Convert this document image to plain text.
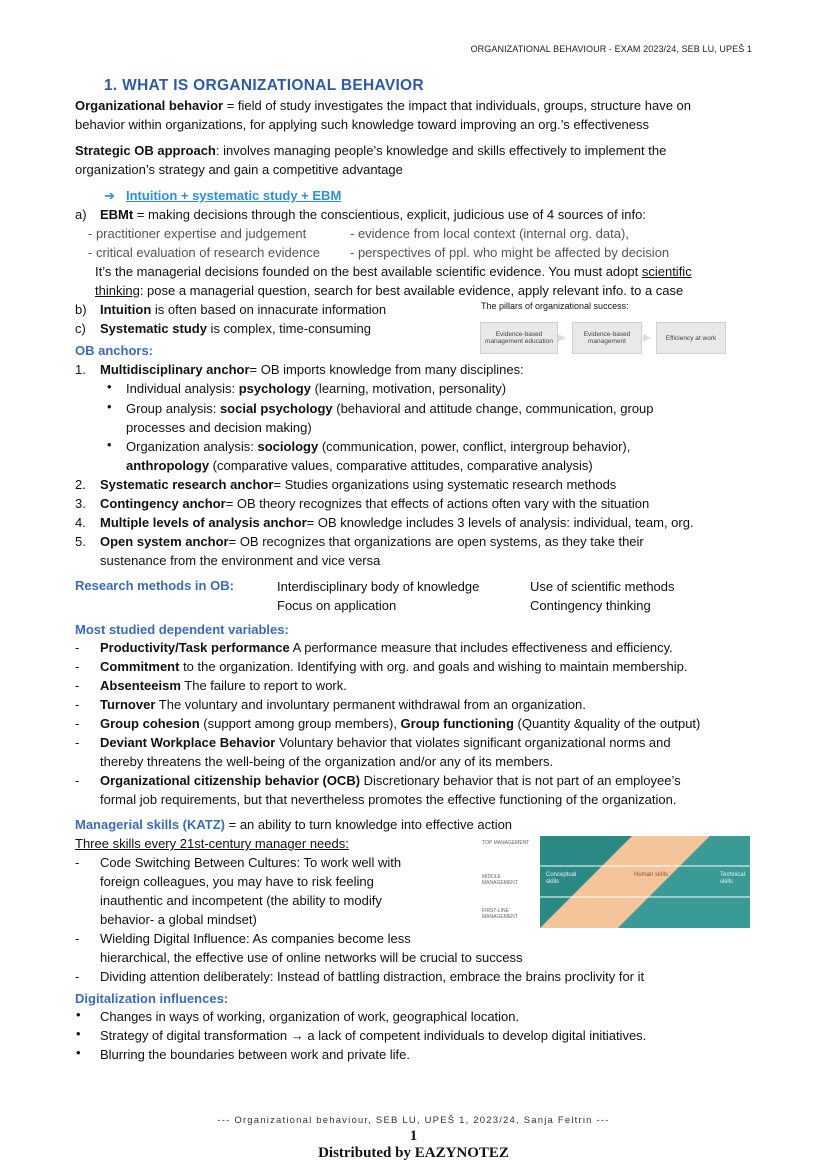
ORGANIZATIONAL BEHAVIOUR - EXAM 2023/24, SEB LU, UPEŠ 1
1. WHAT IS ORGANIZATIONAL BEHAVIOR
Organizational behavior = field of study investigates the impact that individuals, groups, structure have on
behavior within organizations, for applying such knowledge toward improving an org.’s effectiveness
Strategic OB approach: involves managing people’s knowledge and skills effectively to implement the
organization’s strategy and gain a competitive advantage
➔ Intuition + systematic study + EBM
a) EBMt = making decisions through the conscientious, explicit, judicious use of 4 sources of info:
- practitioner expertise and judgement	- evidence from local context (internal org. data),
- critical evaluation of research evidence - perspectives of ppl. who might be affected by decision
It’s the managerial decisions founded on the best available scientific evidence. You must adopt scientific
thinking: pose a managerial question, search for best available evidence, apply relevant info. to a case
b) Intuition is often based on innacurate information
c) Systematic study is complex, time-consuming
The pillars of organizational success:
Evidence-based management education
Evidence-based management	Efficiency at work
OB anchors:
1. Multidisciplinary anchor= OB imports knowledge from many disciplines:
• Individual analysis: psychology (learning, motivation, personality)
• Group analysis: social psychology (behavioral and attitude change, communication, group
processes and decision making)
• Organization analysis: sociology (communication, power, conflict, intergroup behavior),
anthropology (comparative values, comparative attitudes, comparative analysis)
2. Systematic research anchor= Studies organizations using systematic research methods
3. Contingency anchor= OB theory recognizes that effects of actions often vary with the situation
4. Multiple levels of analysis anchor= OB knowledge includes 3 levels of analysis: individual, team, org.
5. Open system anchor= OB recognizes that organizations are open systems, as they take their
sustenance from the environment and vice versa
Research methods in OB:	Interdisciplinary body of knowledge	Use of scientific methods
Focus on application	Contingency thinking
Most studied dependent variables:
- Productivity/Task performance A performance measure that includes effectiveness and efficiency.
- Commitment to the organization. Identifying with org. and goals and wishing to maintain membership.
- Absenteeism The failure to report to work.
- Turnover The voluntary and involuntary permanent withdrawal from an organization.
- Group cohesion (support among group members), Group functioning (Quantity &quality of the output)
- Deviant Workplace Behavior Voluntary behavior that violates significant organizational norms and
thereby threatens the well-being of the organization and/or any of its members.
- Organizational citizenship behavior (OCB) Discretionary behavior that is not part of an employee’s
formal job requirements, but that nevertheless promotes the effective functioning of the organization.
Managerial skills (KATZ) = an ability to turn knowledge into effective action
Three skills every 21st-century manager needs:
- Code Switching Between Cultures: To work well with
foreign colleagues, you may have to risk feeling
inauthentic and incompetent (the ability to modify
behavior- a global mindset)
- Wielding Digital Influence: As companies become less
hierarchical, the effective use of online networks will be crucial to success
- Dividing attention deliberately: Instead of battling distraction, embrace the brains proclivity for it
TOP MANAGEMENT
MIDDLE MANAGEMENT
FIRST-LINE MANAGEMENT
Conceptual skills
Human skills	Technical skills
Digitalization influences:
• Changes in ways of working, organization of work, geographical location.
• Strategy of digital transformation → a lack of competent individuals to develop digital initiatives.
• Blurring the boundaries between work and private life.
--- Organizational behaviour, SEB LU, UPEŠ 1, 2023/24, Sanja Feltrin ---
1
Distributed by EAZYNOTEZ
